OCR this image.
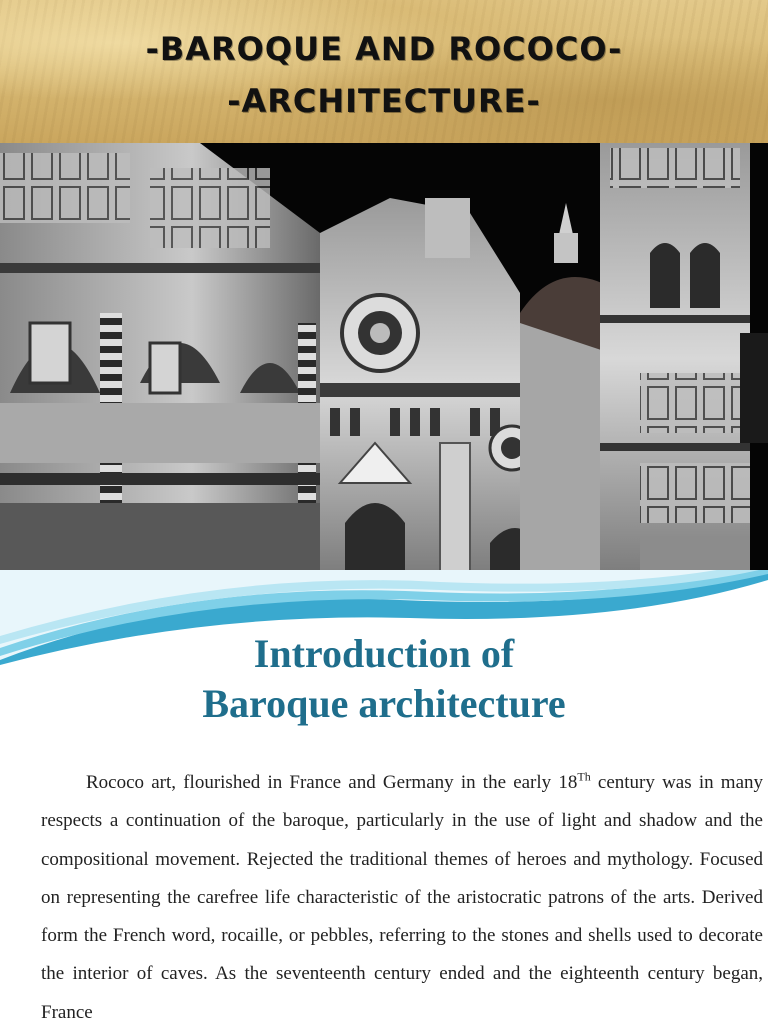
-BAROQUE AND ROCOCO-
-ARCHITECTURE-
Introduction of
Baroque architecture

Rococo art, flourished in France and Germany in the early 18Th century was in many respects a continuation of the baroque, particularly in the use of light and shadow and the compositional movement. Rejected the traditional themes of heroes and mythology. Focused on representing the carefree life characteristic of the aristocratic patrons of the arts. Derived form the French word, rocaille, or pebbles, referring to the stones and shells used to decorate the interior of caves. As the seventeenth century ended and the eighteenth century began, France
